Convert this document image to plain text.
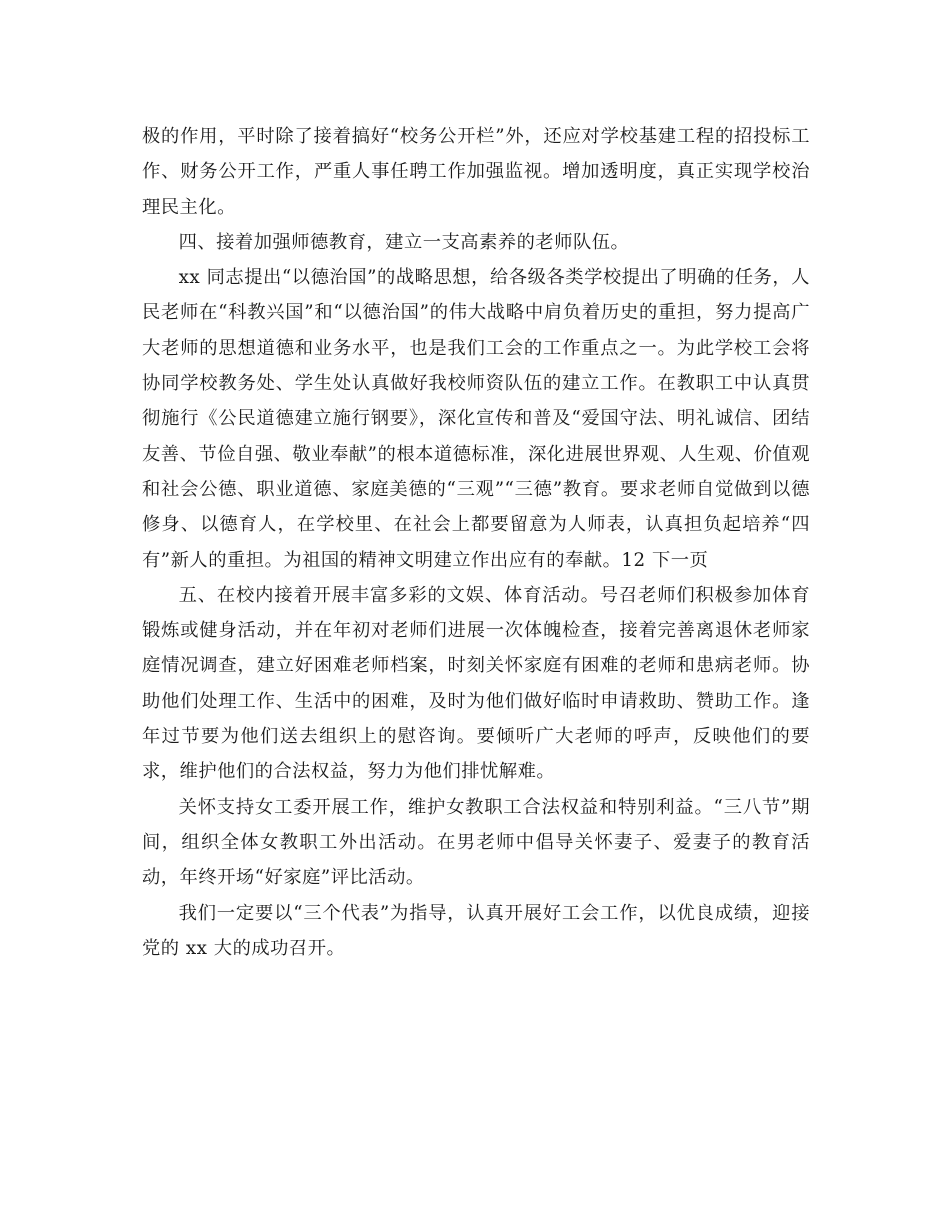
极的作用，平时除了接着搞好“校务公开栏”外，还应对学校基建工程的招投标工作、财务公开工作，严重人事任聘工作加强监视。增加透明度，真正实现学校治理民主化。

四、接着加强师德教育，建立一支高素养的老师队伍。

xx 同志提出“以德治国”的战略思想，给各级各类学校提出了明确的任务，人民老师在“科教兴国”和“以德治国”的伟大战略中肩负着历史的重担，努力提高广大老师的思想道德和业务水平，也是我们工会的工作重点之一。为此学校工会将协同学校教务处、学生处认真做好我校师资队伍的建立工作。在教职工中认真贯彻施行《公民道德建立施行钢要》，深化宣传和普及“爱国守法、明礼诚信、团结友善、节俭自强、敬业奉献”的根本道德标准，深化进展世界观、人生观、价值观和社会公德、职业道德、家庭美德的“三观”“三德”教育。要求老师自觉做到以德修身、以德育人，在学校里、在社会上都要留意为人师表，认真担负起培养“四有”新人的重担。为祖国的精神文明建立作出应有的奉献。12 下一页

五、在校内接着开展丰富多彩的文娱、体育活动。号召老师们积极参加体育锻炼或健身活动，并在年初对老师们进展一次体魄检查，接着完善离退休老师家庭情况调查，建立好困难老师档案，时刻关怀家庭有困难的老师和患病老师。协助他们处理工作、生活中的困难，及时为他们做好临时申请救助、赞助工作。逢年过节要为他们送去组织上的慰咨询。要倾听广大老师的呼声，反映他们的要求，维护他们的合法权益，努力为他们排忧解难。

关怀支持女工委开展工作，维护女教职工合法权益和特别利益。“三八节”期间，组织全体女教职工外出活动。在男老师中倡导关怀妻子、爱妻子的教育活动，年终开场“好家庭”评比活动。

我们一定要以“三个代表”为指导，认真开展好工会工作，以优良成绩，迎接党的 xx 大的成功召开。
